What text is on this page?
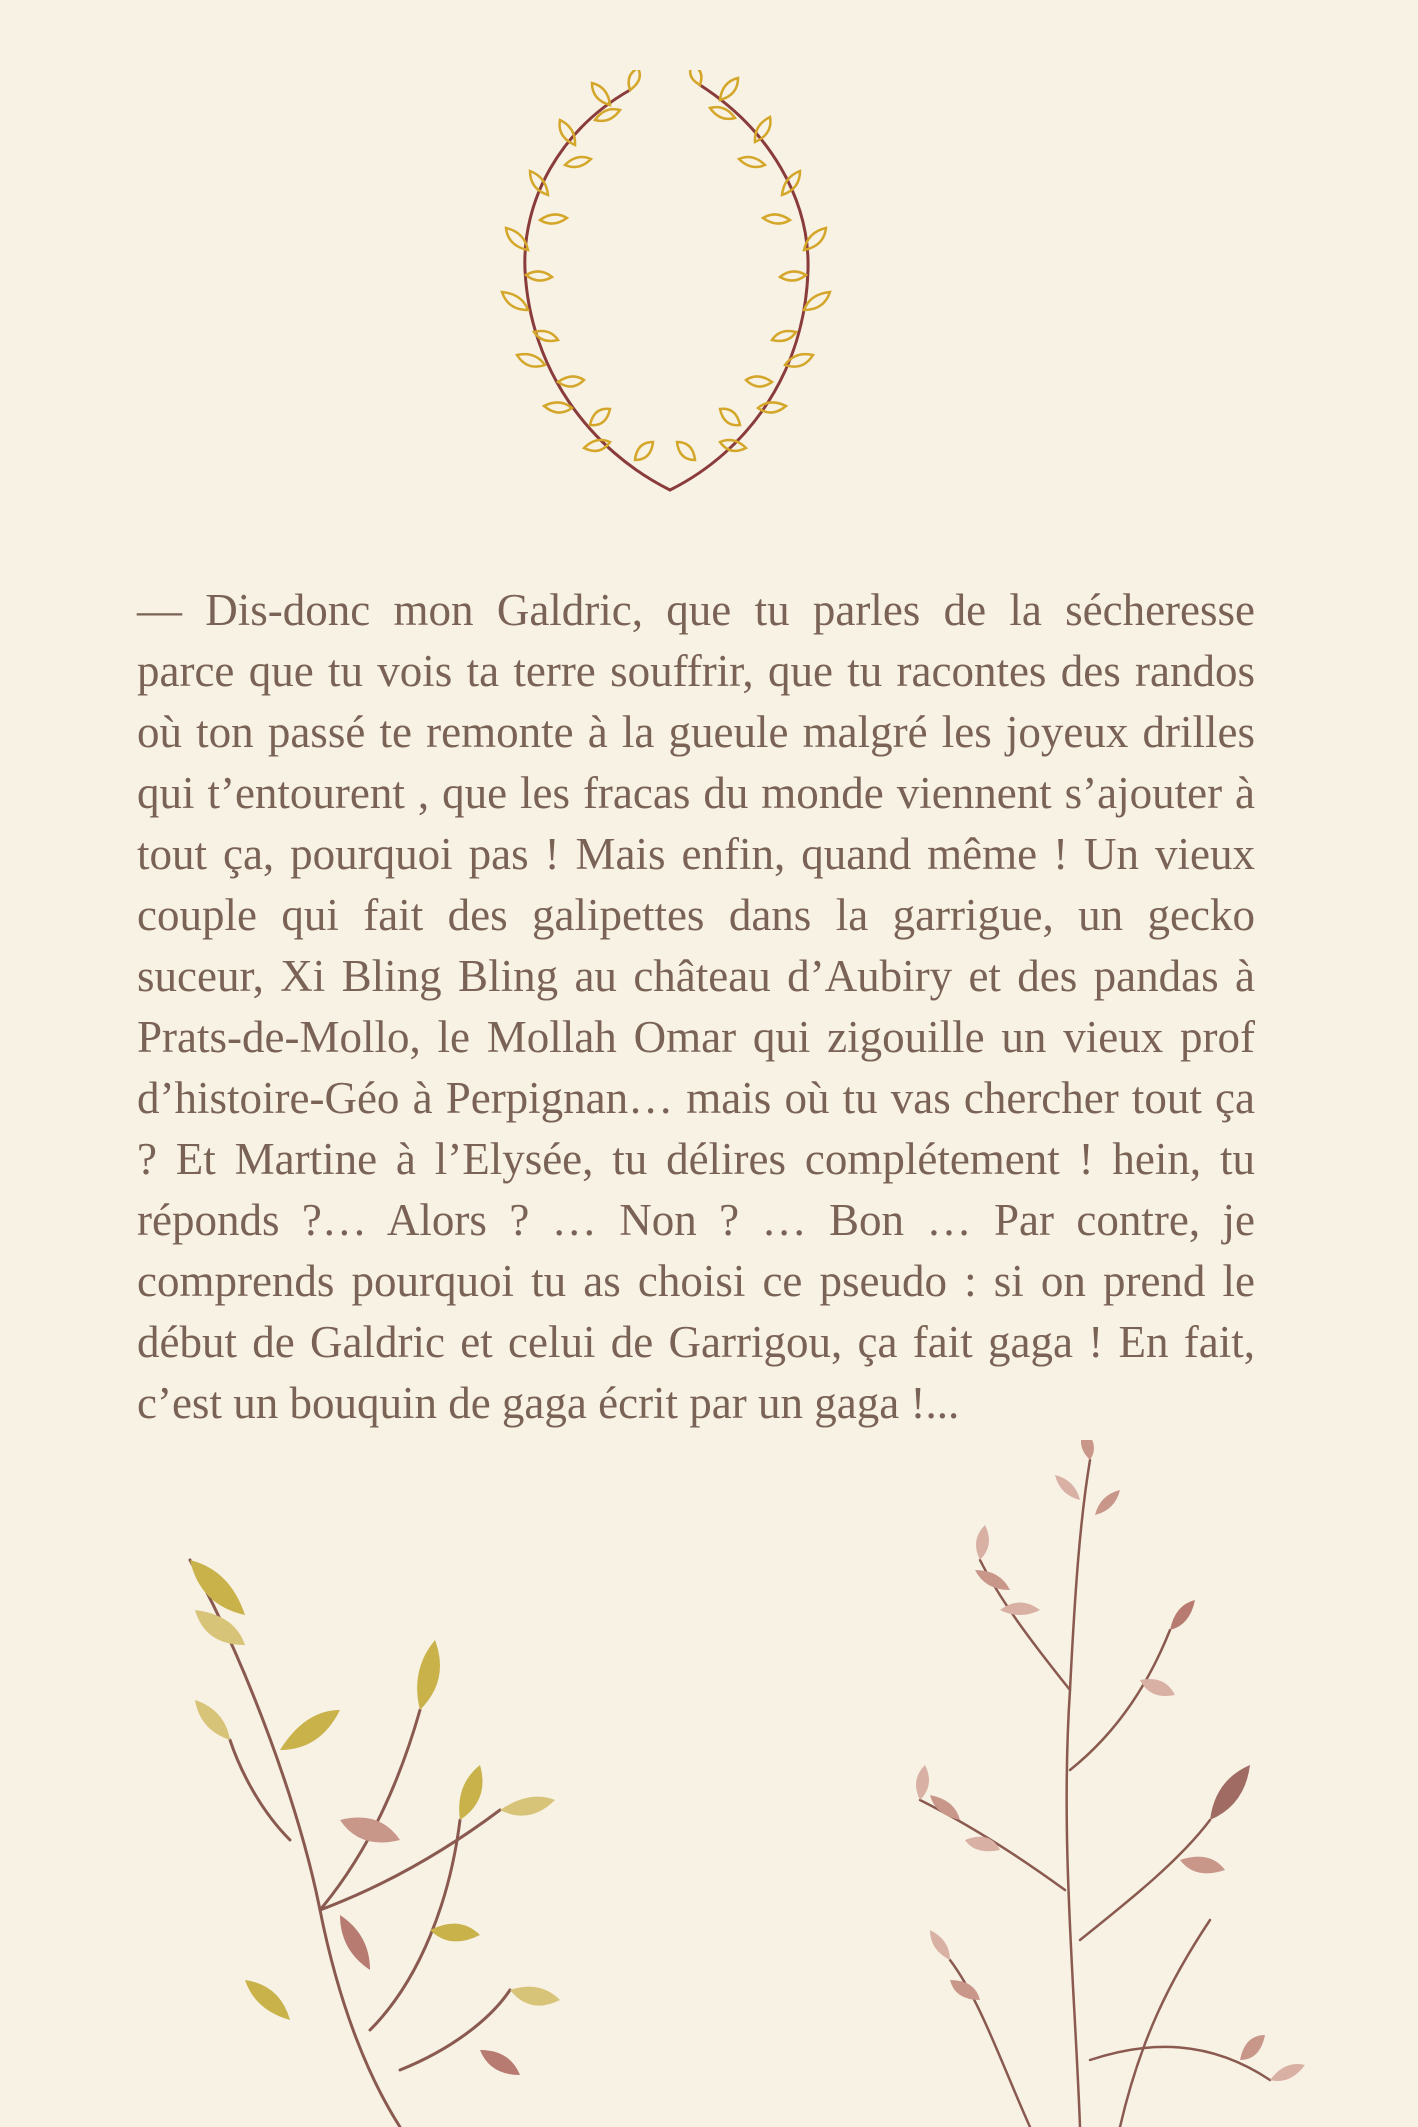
— Dis-donc mon Galdric, que tu parles de la sécheresse parce que tu vois ta terre souffrir, que tu racontes des randos où ton passé te remonte à la gueule malgré les joyeux drilles qui t’entourent , que les fracas du monde viennent s’ajouter à tout ça, pourquoi pas ! Mais enfin, quand même ! Un vieux couple qui fait des galipettes dans la garrigue, un gecko suceur, Xi Bling Bling au château d’Aubiry et des pandas à Prats-de-Mollo, le Mollah Omar qui zigouille un vieux prof d’histoire-Géo à Perpignan… mais où tu vas chercher tout ça ? Et Martine à l’Elysée, tu délires complétement ! hein, tu réponds ?… Alors ? … Non ? … Bon … Par contre, je comprends pourquoi tu as choisi ce pseudo : si on prend le début de Galdric et celui de Garrigou, ça fait gaga ! En fait, c’est un bouquin de gaga écrit par un gaga !...
